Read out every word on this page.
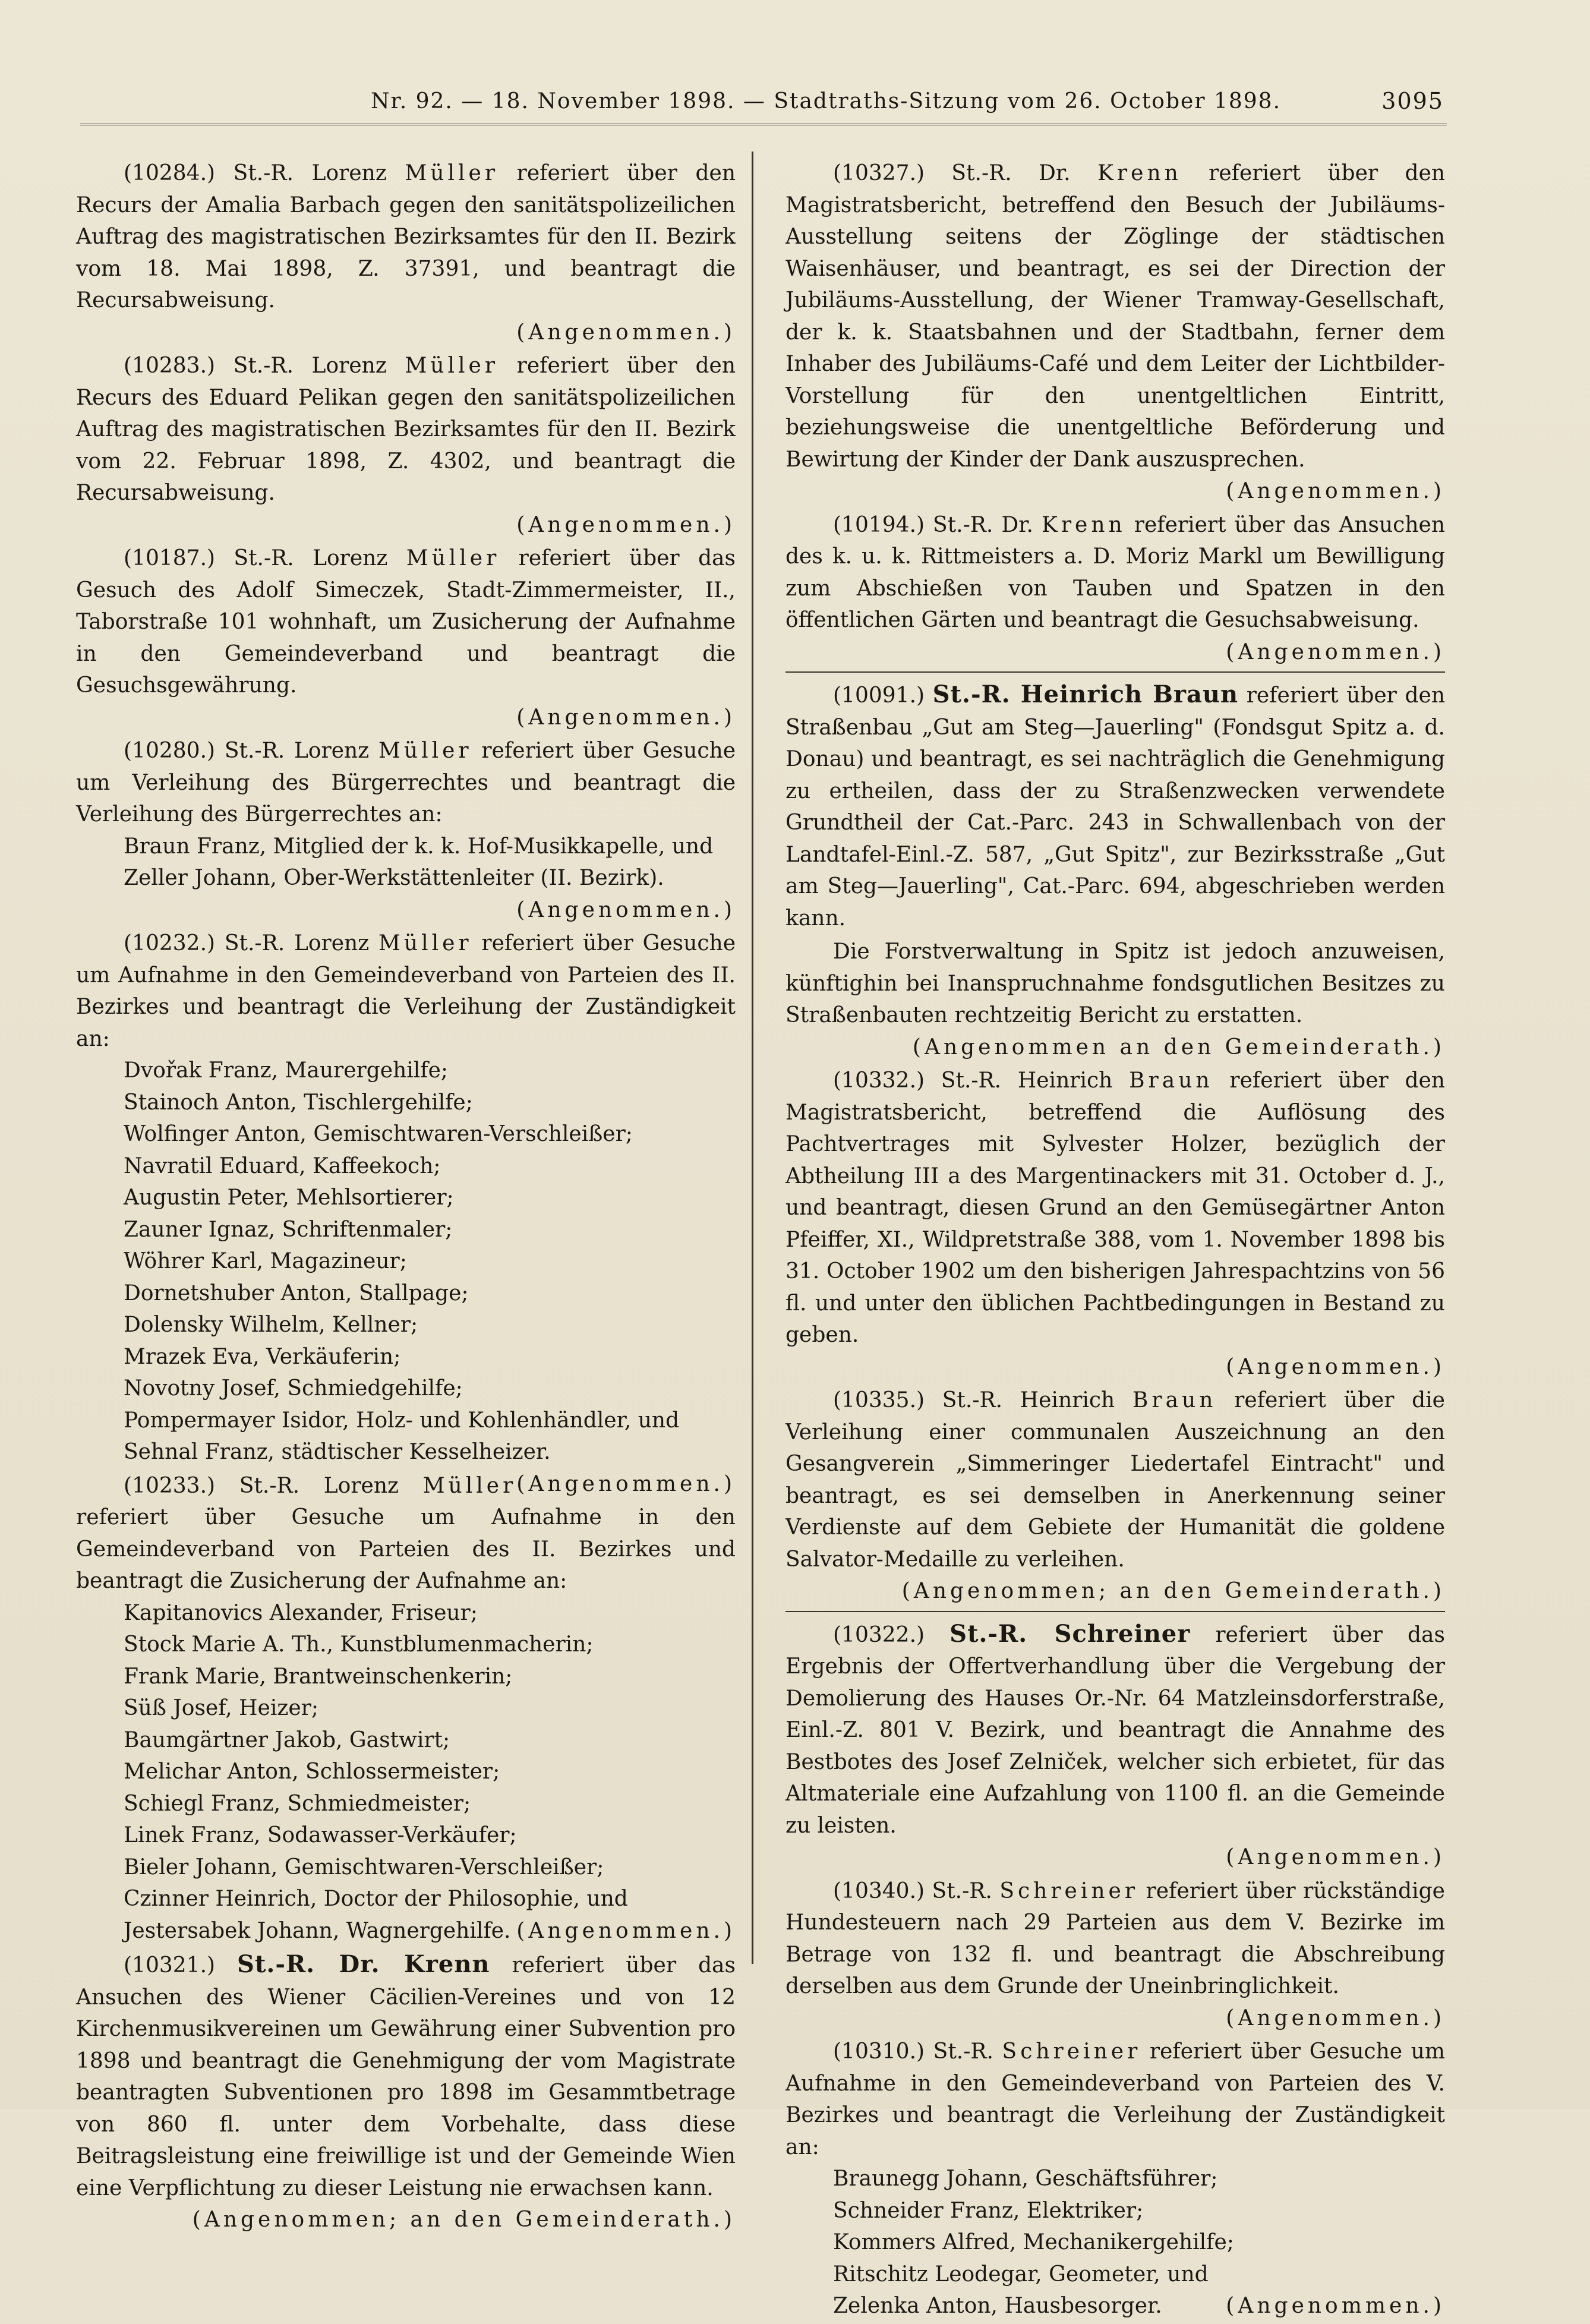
Nr. 92. — 18. November 1898. — Stadtraths-Sitzung vom 26. October 1898.	3095

(10284.) St.-R. Lorenz Müller referiert über den Recurs der Amalia Barbach gegen den sanitätspolizeilichen Auftrag des magistratischen Bezirksamtes für den II. Bezirk vom 18. Mai 1898, Z. 37391, und beantragt die Recursabweisung.
(Angenommen.)

(10283.) St.-R. Lorenz Müller referiert über den Recurs des Eduard Pelikan gegen den sanitätspolizeilichen Auftrag des magistratischen Bezirksamtes für den II. Bezirk vom 22. Februar 1898, Z. 4302, und beantragt die Recursabweisung.
(Angenommen.)

(10187.) St.-R. Lorenz Müller referiert über das Gesuch des Adolf Simeczek, Stadt-Zimmermeister, II., Taborstraße 101 wohnhaft, um Zusicherung der Aufnahme in den Gemeindeverband und beantragt die Gesuchsgewährung.
(Angenommen.)

(10280.) St.-R. Lorenz Müller referiert über Gesuche um Verleihung des Bürgerrechtes und beantragt die Verleihung des Bürgerrechtes an:
Braun Franz, Mitglied der k. k. Hof-Musikkapelle, und
Zeller Johann, Ober-Werkstättenleiter (II. Bezirk).
(Angenommen.)

(10232.) St.-R. Lorenz Müller referiert über Gesuche um Aufnahme in den Gemeindeverband von Parteien des II. Bezirkes und beantragt die Verleihung der Zuständigkeit an:
Dvořak Franz, Maurergehilfe;
Stainoch Anton, Tischlergehilfe;
Wolfinger Anton, Gemischtwaren-Verschleißer;
Navratil Eduard, Kaffeekoch;
Augustin Peter, Mehlsortierer;
Zauner Ignaz, Schriftenmaler;
Wöhrer Karl, Magazineur;
Dornetshuber Anton, Stallpage;
Dolensky Wilhelm, Kellner;
Mrazek Eva, Verkäuferin;
Novotny Josef, Schmiedgehilfe;
Pompermayer Isidor, Holz- und Kohlenhändler, und
Sehnal Franz, städtischer Kesselheizer.
(Angenommen.)

(10233.) St.-R. Lorenz Müller referiert über Gesuche um Aufnahme in den Gemeindeverband von Parteien des II. Bezirkes und beantragt die Zusicherung der Aufnahme an:
Kapitanovics Alexander, Friseur;
Stock Marie A. Th., Kunstblumenmacherin;
Frank Marie, Brantweinschenkerin;
Süß Josef, Heizer;
Baumgärtner Jakob, Gastwirt;
Melichar Anton, Schlossermeister;
Schiegl Franz, Schmiedmeister;
Linek Franz, Sodawasser-Verkäufer;
Bieler Johann, Gemischtwaren-Verschleißer;
Czinner Heinrich, Doctor der Philosophie, und
Jestersabek Johann, Wagnergehilfe. (Angenommen.)

(10321.) St.-R. Dr. Krenn referiert über das Ansuchen des Wiener Cäcilien-Vereines und von 12 Kirchenmusikvereinen um Gewährung einer Subvention pro 1898 und beantragt die Genehmigung der vom Magistrate beantragten Subventionen pro 1898 im Gesammtbetrage von 860 fl. unter dem Vorbehalte, dass diese Beitragsleistung eine freiwillige ist und der Gemeinde Wien eine Verpflichtung zu dieser Leistung nie erwachsen kann.
(Angenommen; an den Gemeinderath.)

(10327.) St.-R. Dr. Krenn referiert über den Magistratsbericht, betreffend den Besuch der Jubiläums-Ausstellung seitens der Zöglinge der städtischen Waisenhäuser, und beantragt, es sei der Direction der Jubiläums-Ausstellung, der Wiener Tramway-Gesellschaft, der k. k. Staatsbahnen und der Stadtbahn, ferner dem Inhaber des Jubiläums-Café und dem Leiter der Lichtbilder-Vorstellung für den unentgeltlichen Eintritt, beziehungsweise die unentgeltliche Beförderung und Bewirtung der Kinder der Dank auszusprechen.
(Angenommen.)

(10194.) St.-R. Dr. Krenn referiert über das Ansuchen des k. u. k. Rittmeisters a. D. Moriz Markl um Bewilligung zum Abschießen von Tauben und Spatzen in den öffentlichen Gärten und beantragt die Gesuchsabweisung.
(Angenommen.)

(10091.) St.-R. Heinrich Braun referiert über den Straßenbau „Gut am Steg—Jauerling" (Fondsgut Spitz a. d. Donau) und beantragt, es sei nachträglich die Genehmigung zu ertheilen, dass der zu Straßenzwecken verwendete Grundtheil der Cat.-Parc. 243 in Schwallenbach von der Landtafel-Einl.-Z. 587, „Gut Spitz", zur Bezirksstraße „Gut am Steg—Jauerling", Cat.-Parc. 694, abgeschrieben werden kann.

Die Forstverwaltung in Spitz ist jedoch anzuweisen, künftighin bei Inanspruchnahme fondsgutlichen Besitzes zu Straßenbauten rechtzeitig Bericht zu erstatten.
(Angenommen an den Gemeinderath.)

(10332.) St.-R. Heinrich Braun referiert über den Magistratsbericht, betreffend die Auflösung des Pachtvertrages mit Sylvester Holzer, bezüglich der Abtheilung III a des Margentinackers mit 31. October d. J., und beantragt, diesen Grund an den Gemüsegärtner Anton Pfeiffer, XI., Wildpretstraße 388, vom 1. November 1898 bis 31. October 1902 um den bisherigen Jahrespachtzins von 56 fl. und unter den üblichen Pachtbedingungen in Bestand zu geben.
(Angenommen.)

(10335.) St.-R. Heinrich Braun referiert über die Verleihung einer communalen Auszeichnung an den Gesangverein „Simmeringer Liedertafel Eintracht" und beantragt, es sei demselben in Anerkennung seiner Verdienste auf dem Gebiete der Humanität die goldene Salvator-Medaille zu verleihen.
(Angenommen; an den Gemeinderath.)

(10322.) St.-R. Schreiner referiert über das Ergebnis der Offertverhandlung über die Vergebung der Demolierung des Hauses Or.-Nr. 64 Matzleinsdorferstraße, Einl.-Z. 801 V. Bezirk, und beantragt die Annahme des Bestbotes des Josef Zelniček, welcher sich erbietet, für das Altmateriale eine Aufzahlung von 1100 fl. an die Gemeinde zu leisten.
(Angenommen.)

(10340.) St.-R. Schreiner referiert über rückständige Hundesteuern nach 29 Parteien aus dem V. Bezirke im Betrage von 132 fl. und beantragt die Abschreibung derselben aus dem Grunde der Uneinbringlichkeit.
(Angenommen.)

(10310.) St.-R. Schreiner referiert über Gesuche um Aufnahme in den Gemeindeverband von Parteien des V. Bezirkes und beantragt die Verleihung der Zuständigkeit an:
Braunegg Johann, Geschäftsführer;
Schneider Franz, Elektriker;
Kommers Alfred, Mechanikergehilfe;
Ritschitz Leodegar, Geometer, und
Zelenka Anton, Hausbesorger.	(Angenommen.)
